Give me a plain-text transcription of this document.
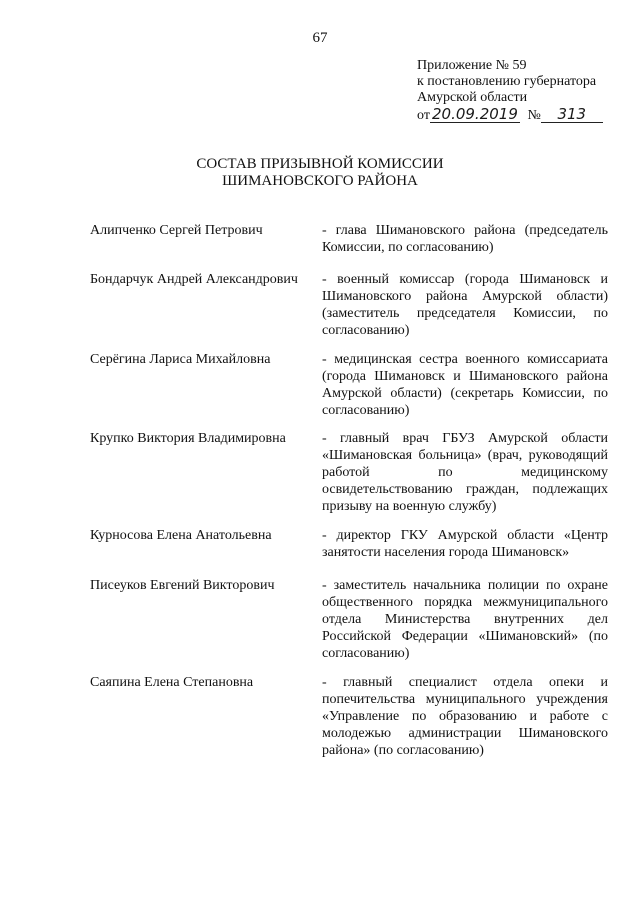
67
Приложение № 59
к постановлению губернатора
Амурской области
от 20.09.2019 № 313
СОСТАВ ПРИЗЫВНОЙ КОМИССИИ
ШИМАНОВСКОГО РАЙОНА
Алипченко Сергей Петрович	- глава Шимановского района (председатель Комиссии, по согласованию)
Бондарчук Андрей Александрович - военный комиссар (города Шимановск и Шимановского района Амурской области) (заместитель председателя Комиссии, по согласованию)
Серёгина Лариса Михайловна	- медицинская сестра военного комиссариата (города Шимановск и Шимановского района Амурской области) (секретарь Комиссии, по согласованию)
Крупко Виктория Владимировна	- главный врач ГБУЗ Амурской области «Шимановская больница» (врач, руководящий работой по медицинскому освидетельствованию граждан, подлежащих призыву на военную службу)
Курносова Елена Анатольевна	- директор ГКУ Амурской области «Центр занятости населения города Шимановск»
Писеуков Евгений Викторович	- заместитель начальника полиции по охране общественного порядка межмуниципального отдела Министерства внутренних дел Российской Федерации «Шимановский» (по согласованию)
Саяпина Елена Степановна	- главный специалист отдела опеки и попечительства муниципального учреждения «Управление по образованию и работе с молодежью администрации Шимановского района» (по согласованию)
